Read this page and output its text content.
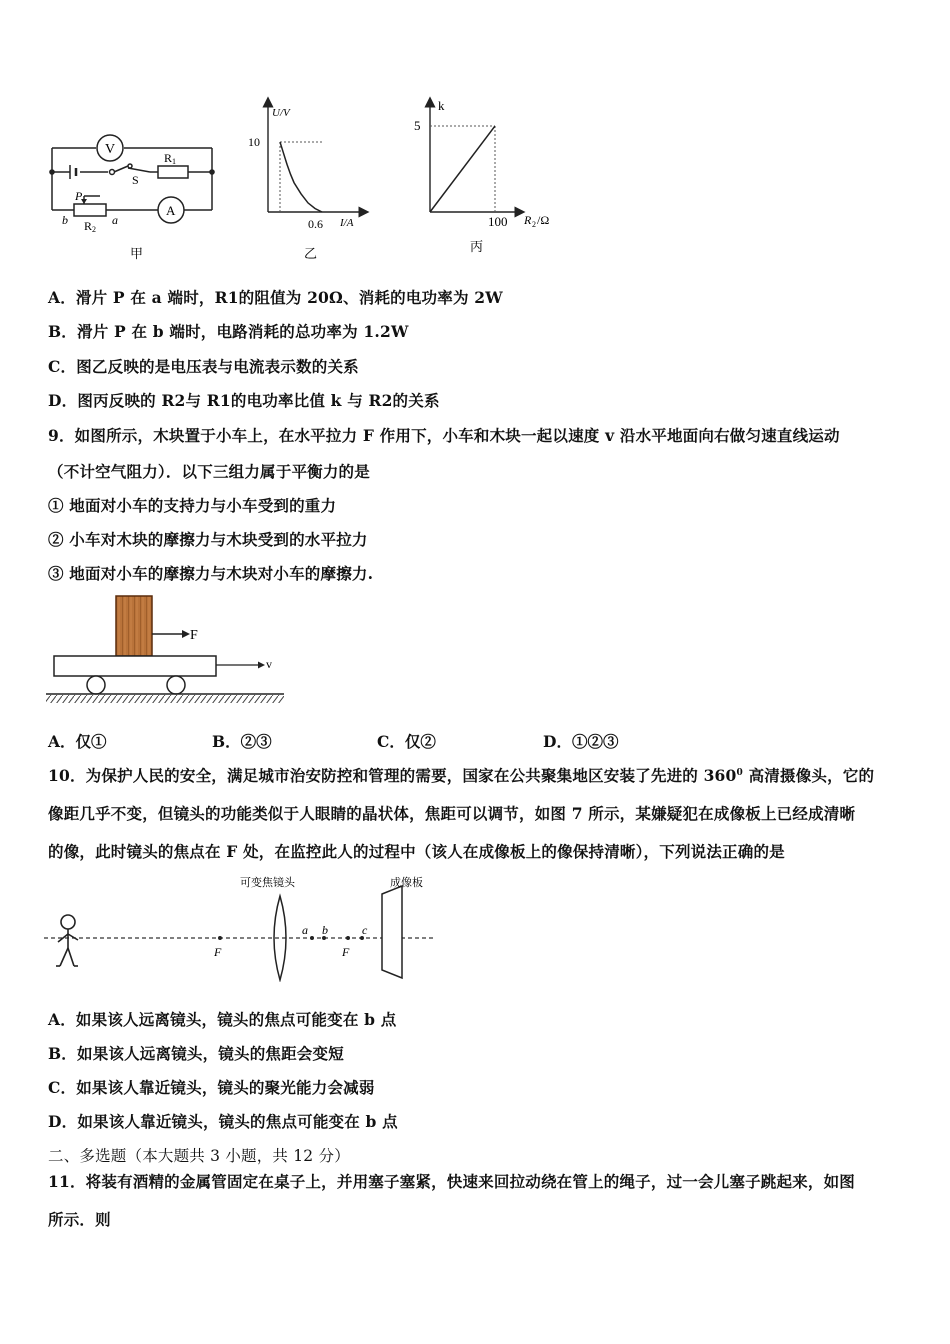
V
A
R 1
S
P
R 2
b	a
甲
U/V
I/A
10
0.6
乙
k
5
100 R 2 /Ω
丙
A．滑片 P 在 a 端时，R1的阻值为 20Ω、消耗的电功率为 2W
B．滑片 P 在 b 端时，电路消耗的总功率为 1.2W
C．图乙反映的是电压表与电流表示数的关系
D．图丙反映的 R2与 R1的电功率比值 k 与 R2的关系
9．如图所示，木块置于小车上，在水平拉力 F 作用下，小车和木块一起以速度 v 沿水平地面向右做匀速直线运动
（不计空气阻力）．以下三组力属于平衡力的是
① 地面对小车的支持力与小车受到的重力
② 小车对木块的摩擦力与木块受到的水平拉力
③ 地面对小车的摩擦力与木块对小车的摩擦力.
F
v
A．仅①	B．②③	C．仅②	D．①②③
10．为保护人民的安全，满足城市治安防控和管理的需要，国家在公共聚集地区安装了先进的 $360^0$ 高清摄像头，它的
像距几乎不变，但镜头的功能类似于人眼睛的晶状体，焦距可以调节，如图 7 所示，某嫌疑犯在成像板上已经成清晰
的像，此时镜头的焦点在 F 处，在监控此人的过程中（该人在成像板上的像保持清晰），下列说法正确的是
可变焦镜头	成像板
F
a b
F
c
A．如果该人远离镜头，镜头的焦点可能变在 b 点
B．如果该人远离镜头，镜头的焦距会变短
C．如果该人靠近镜头，镜头的聚光能力会减弱
D．如果该人靠近镜头，镜头的焦点可能变在 b 点
二、多选题（本大题共 3 小题，共 12 分）
11．将装有酒精的金属管固定在桌子上，并用塞子塞紧，快速来回拉动绕在管上的绳子，过一会儿塞子跳起来，如图
所示．则
